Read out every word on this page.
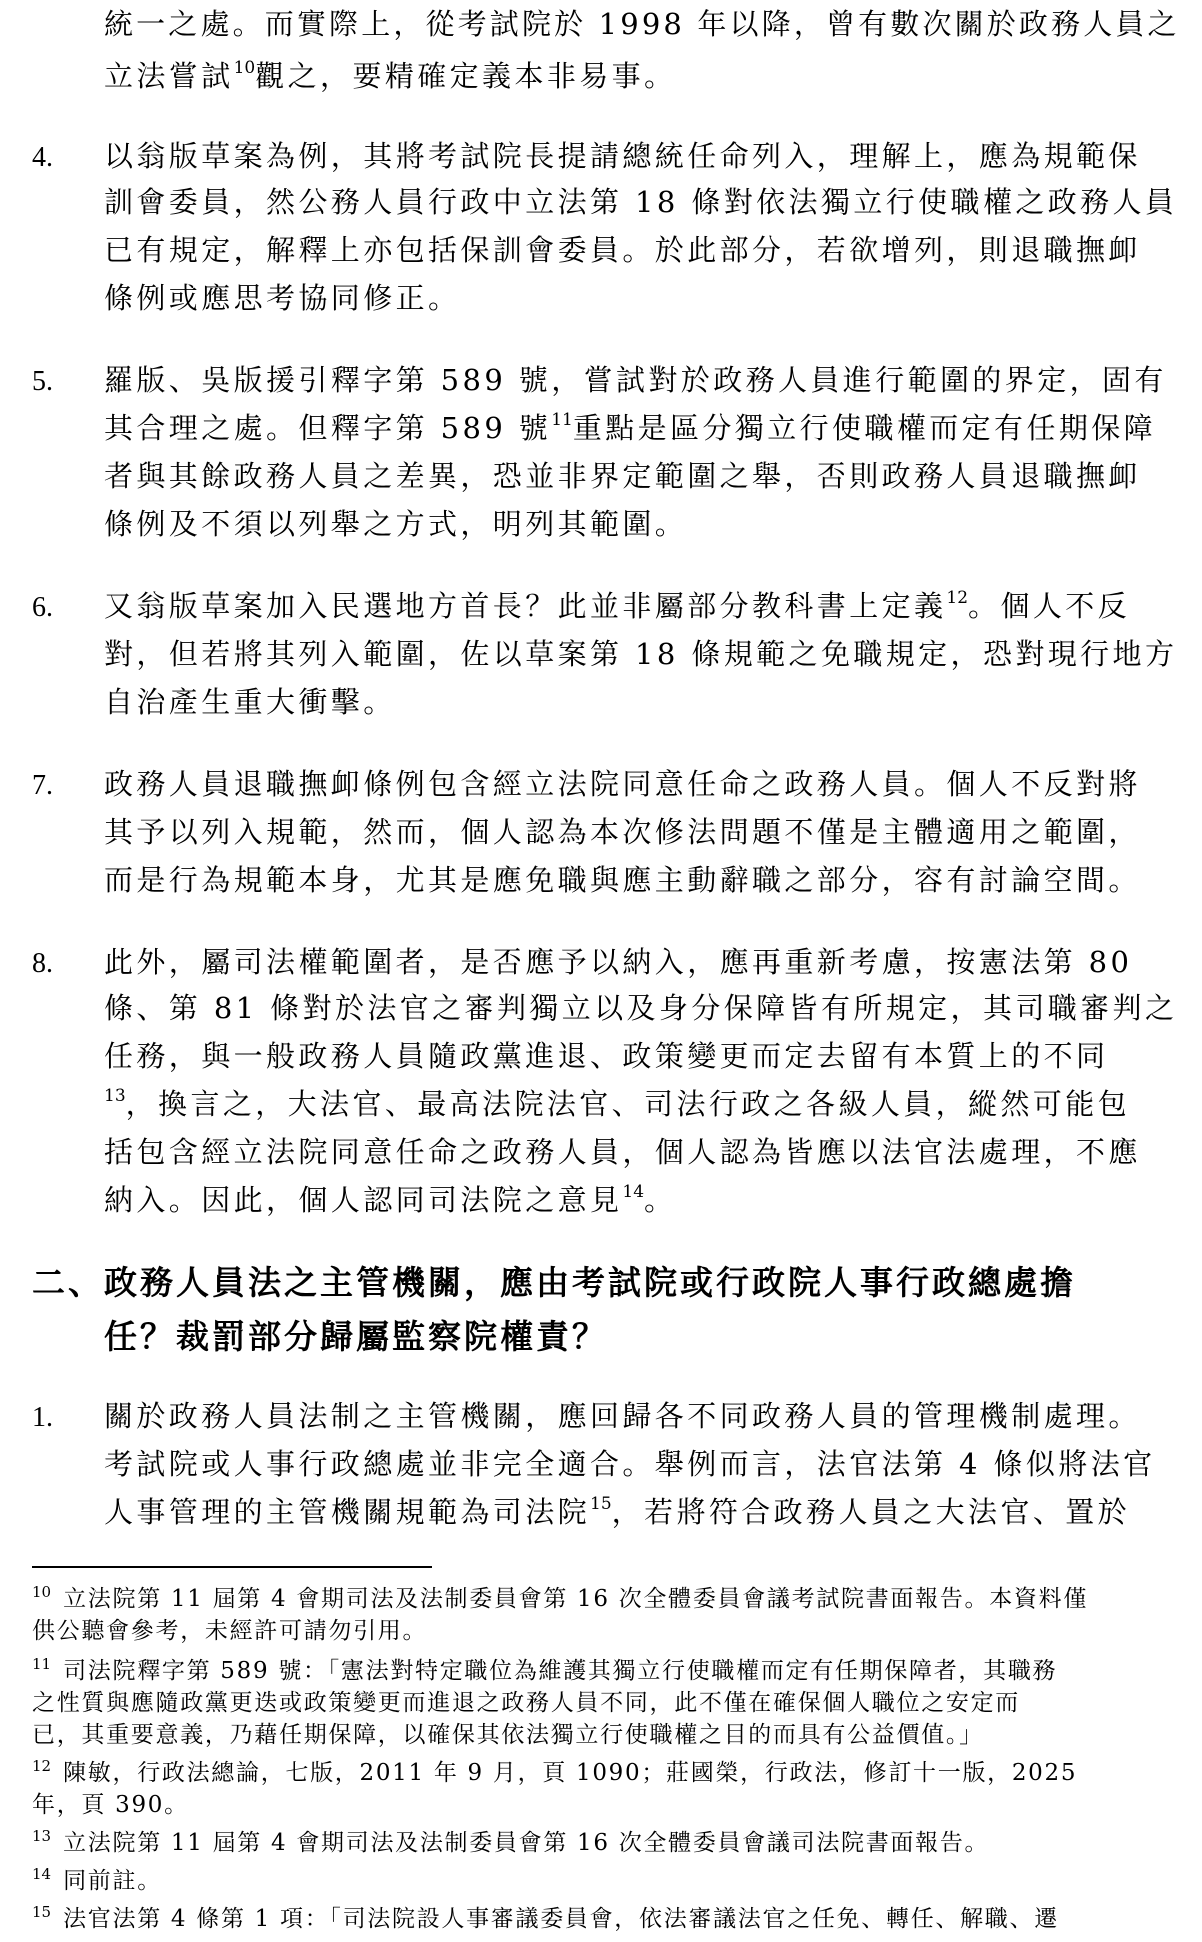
統一之處。而實際上，從考試院於 1998 年以降，曾有數次關於政務人員之
立法嘗試$^{10}$觀之，要精確定義本非易事。
4. 以翁版草案為例，其將考試院長提請總統任命列入，理解上，應為規範保
訓會委員，然公務人員行政中立法第 18 條對依法獨立行使職權之政務人員
已有規定，解釋上亦包括保訓會委員。於此部分，若欲增列，則退職撫卹
條例或應思考協同修正。
5. 羅版、吳版援引釋字第 589 號，嘗試對於政務人員進行範圍的界定，固有
其合理之處。但釋字第 589 號$^{11}$重點是區分獨立行使職權而定有任期保障
者與其餘政務人員之差異，恐並非界定範圍之舉，否則政務人員退職撫卹
條例及不須以列舉之方式，明列其範圍。
6. 又翁版草案加入民選地方首長？此並非屬部分教科書上定義$^{12}$。個人不反
對，但若將其列入範圍，佐以草案第 18 條規範之免職規定，恐對現行地方
自治產生重大衝擊。
7. 政務人員退職撫卹條例包含經立法院同意任命之政務人員。個人不反對將
其予以列入規範，然而，個人認為本次修法問題不僅是主體適用之範圍，
而是行為規範本身，尤其是應免職與應主動辭職之部分，容有討論空間。
8. 此外，屬司法權範圍者，是否應予以納入，應再重新考慮，按憲法第 80
條、第 81 條對於法官之審判獨立以及身分保障皆有所規定，其司職審判之
任務，與一般政務人員隨政黨進退、政策變更而定去留有本質上的不同
$^{13}$，換言之，大法官、最高法院法官、司法行政之各級人員，縱然可能包
括包含經立法院同意任命之政務人員，個人認為皆應以法官法處理，不應
納入。因此，個人認同司法院之意見$^{14}$。
二、政務人員法之主管機關，應由考試院或行政院人事行政總處擔
任？裁罰部分歸屬監察院權責？
1. 關於政務人員法制之主管機關，應回歸各不同政務人員的管理機制處理。
考試院或人事行政總處並非完全適合。舉例而言，法官法第 4 條似將法官
人事管理的主管機關規範為司法院$^{15}$，若將符合政務人員之大法官、置於
$^{10}$ 立法院第 11 屆第 4 會期司法及法制委員會第 16 次全體委員會議考試院書面報告。本資料僅
供公聽會參考，未經許可請勿引用。
$^{11}$ 司法院釋字第 589 號：「憲法對特定職位為維護其獨立行使職權而定有任期保障者，其職務
之性質與應隨政黨更迭或政策變更而進退之政務人員不同，此不僅在確保個人職位之安定而
已，其重要意義，乃藉任期保障，以確保其依法獨立行使職權之目的而具有公益價值。」
$^{12}$ 陳敏，行政法總論，七版，2011 年 9 月，頁 1090；莊國榮，行政法，修訂十一版，2025
年，頁 390。
$^{13}$ 立法院第 11 屆第 4 會期司法及法制委員會第 16 次全體委員會議司法院書面報告。
$^{14}$ 同前註。
$^{15}$ 法官法第 4 條第 1 項：「司法院設人事審議委員會，依法審議法官之任免、轉任、解職、遷
